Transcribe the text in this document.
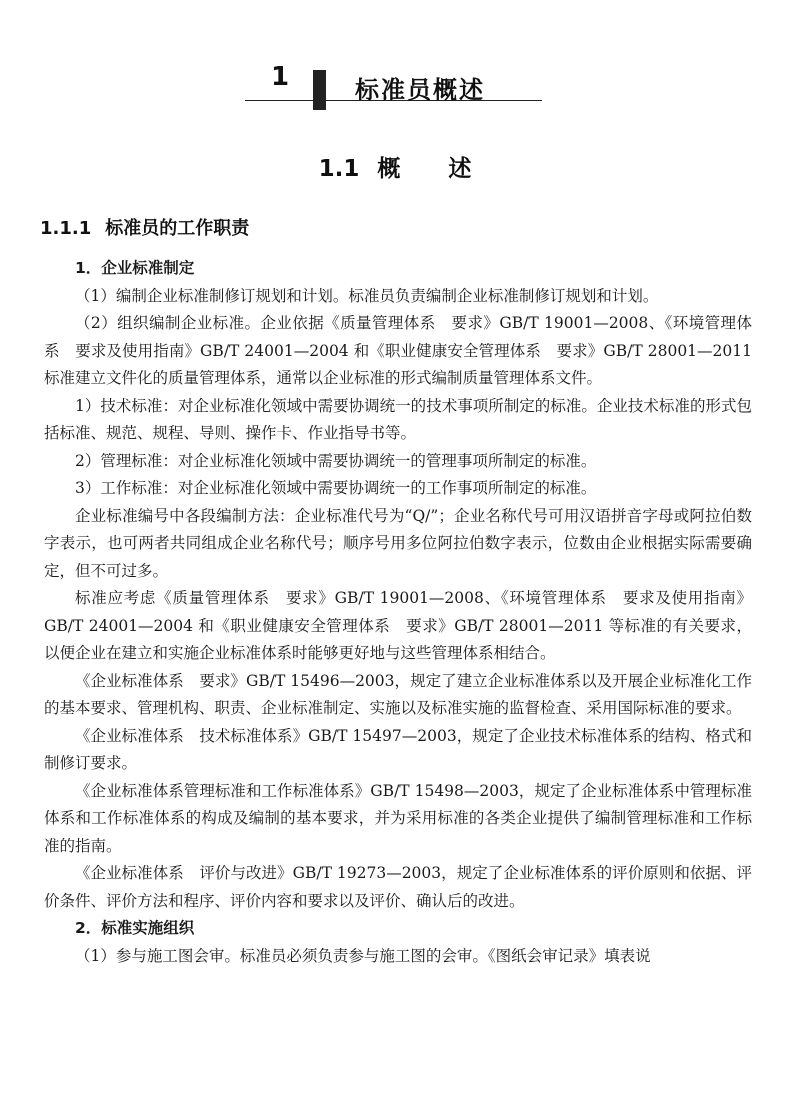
1	标准员概述
1.1 概 述
1.1.1 标准员的工作职责

1．企业标准制定

（1）编制企业标准制修订规划和计划。标准员负责编制企业标准制修订规划和计划。

（2）组织编制企业标准。企业依据《质量管理体系　要求》GB/T 19001—2008、《环境管理体系　要求及使用指南》GB/T 24001—2004 和《职业健康安全管理体系　要求》GB/T 28001—2011 标准建立文件化的质量管理体系，通常以企业标准的形式编制质量管理体系文件。

1）技术标准：对企业标准化领域中需要协调统一的技术事项所制定的标准。企业技术标准的形式包括标准、规范、规程、导则、操作卡、作业指导书等。

2）管理标准：对企业标准化领域中需要协调统一的管理事项所制定的标准。

3）工作标准：对企业标准化领域中需要协调统一的工作事项所制定的标准。

企业标准编号中各段编制方法：企业标准代号为“Q/”；企业名称代号可用汉语拼音字母或阿拉伯数字表示，也可两者共同组成企业名称代号；顺序号用多位阿拉伯数字表示，位数由企业根据实际需要确定，但不可过多。

标准应考虑《质量管理体系　要求》GB/T 19001—2008、《环境管理体系　要求及使用指南》GB/T 24001—2004 和《职业健康安全管理体系　要求》GB/T 28001—2011 等标准的有关要求，以便企业在建立和实施企业标准体系时能够更好地与这些管理体系相结合。

《企业标准体系　要求》GB/T 15496—2003，规定了建立企业标准体系以及开展企业标准化工作的基本要求、管理机构、职责、企业标准制定、实施以及标准实施的监督检查、采用国际标准的要求。

《企业标准体系　技术标准体系》GB/T 15497—2003，规定了企业技术标准体系的结构、格式和制修订要求。

《企业标准体系管理标准和工作标准体系》GB/T 15498—2003，规定了企业标准体系中管理标准体系和工作标准体系的构成及编制的基本要求，并为采用标准的各类企业提供了编制管理标准和工作标准的指南。

《企业标准体系　评价与改进》GB/T 19273—2003，规定了企业标准体系的评价原则和依据、评价条件、评价方法和程序、评价内容和要求以及评价、确认后的改进。

2．标准实施组织

（1）参与施工图会审。标准员必须负责参与施工图的会审。《图纸会审记录》填表说
